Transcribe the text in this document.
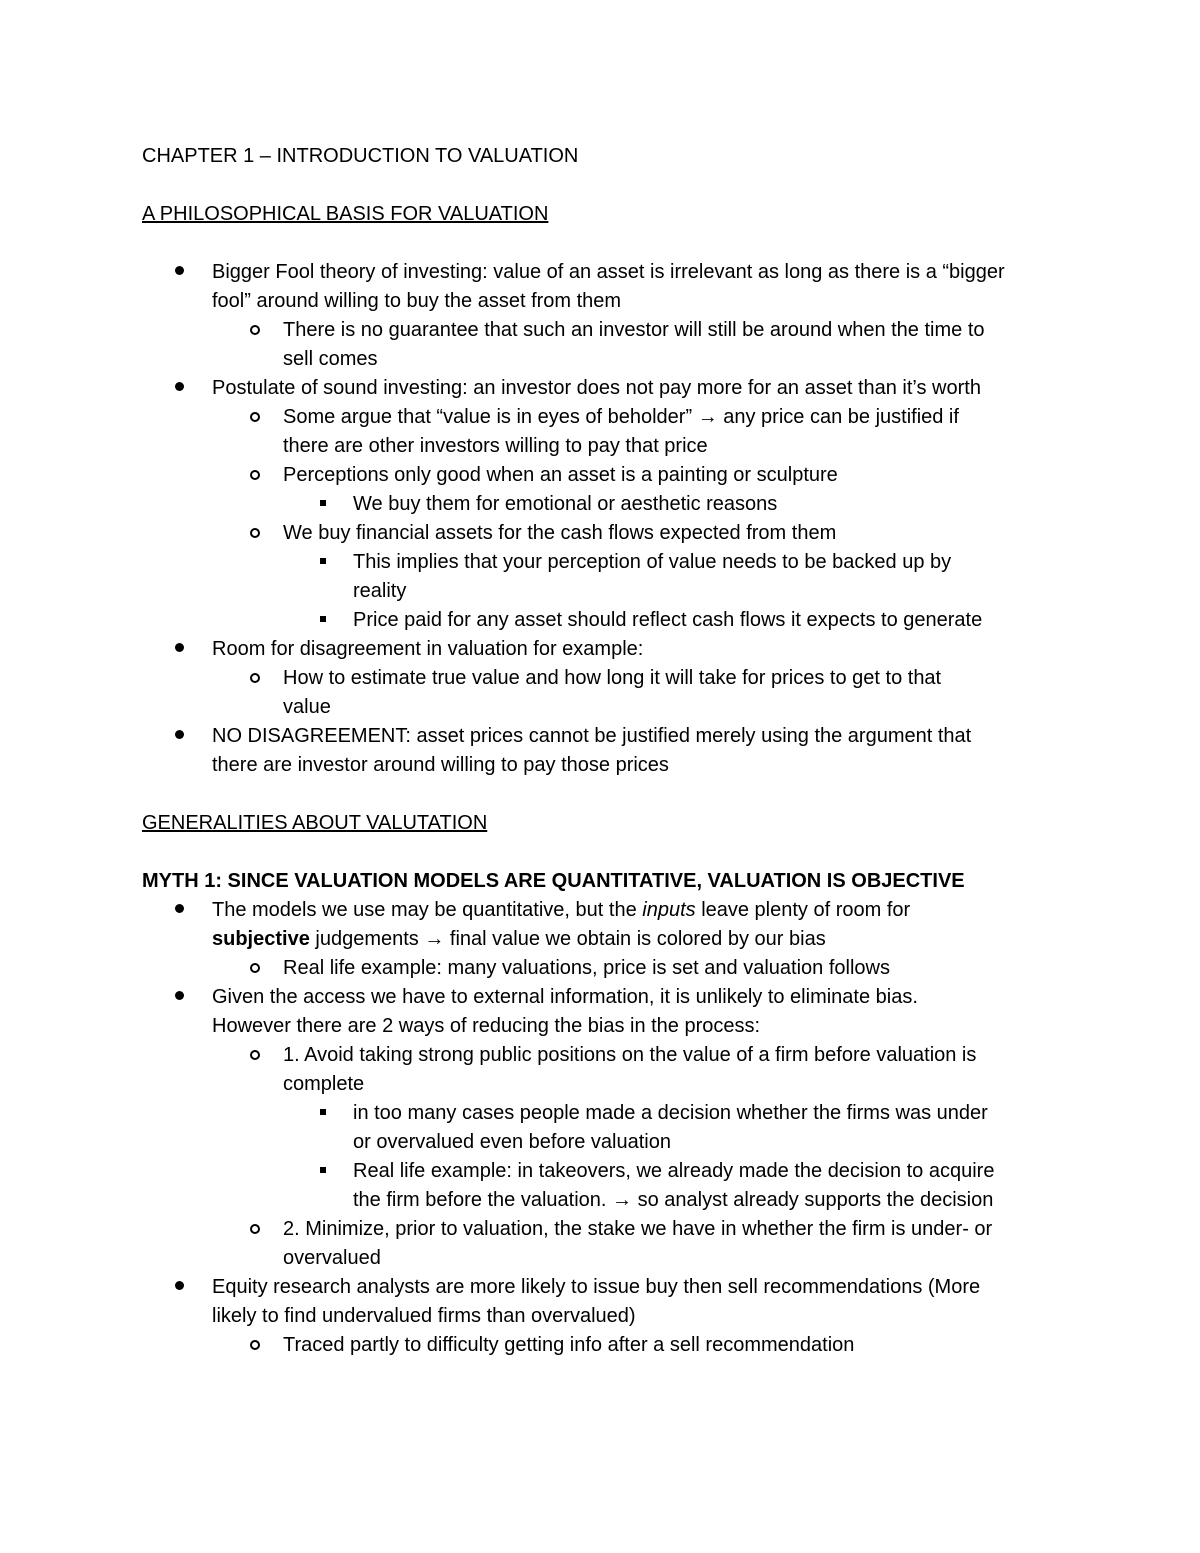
CHAPTER 1 – INTRODUCTION TO VALUATION
A PHILOSOPHICAL BASIS FOR VALUATION
Bigger Fool theory of investing: value of an asset is irrelevant as long as there is a “bigger
fool” around willing to buy the asset from them
There is no guarantee that such an investor will still be around when the time to
sell comes
Postulate of sound investing: an investor does not pay more for an asset than it’s worth
Some argue that “value is in eyes of beholder” → any price can be justified if
there are other investors willing to pay that price
Perceptions only good when an asset is a painting or sculpture
We buy them for emotional or aesthetic reasons
We buy financial assets for the cash flows expected from them
This implies that your perception of value needs to be backed up by
reality
Price paid for any asset should reflect cash flows it expects to generate
Room for disagreement in valuation for example:
How to estimate true value and how long it will take for prices to get to that
value
NO DISAGREEMENT: asset prices cannot be justified merely using the argument that
there are investor around willing to pay those prices
GENERALITIES ABOUT VALUTATION
MYTH 1: SINCE VALUATION MODELS ARE QUANTITATIVE, VALUATION IS OBJECTIVE
The models we use may be quantitative, but the inputs leave plenty of room for
subjective judgements → final value we obtain is colored by our bias
Real life example: many valuations, price is set and valuation follows
Given the access we have to external information, it is unlikely to eliminate bias.
However there are 2 ways of reducing the bias in the process:
1. Avoid taking strong public positions on the value of a firm before valuation is
complete
in too many cases people made a decision whether the firms was under
or overvalued even before valuation
Real life example: in takeovers, we already made the decision to acquire
the firm before the valuation. → so analyst already supports the decision
2. Minimize, prior to valuation, the stake we have in whether the firm is under- or
overvalued
Equity research analysts are more likely to issue buy then sell recommendations (More
likely to find undervalued firms than overvalued)
Traced partly to difficulty getting info after a sell recommendation
